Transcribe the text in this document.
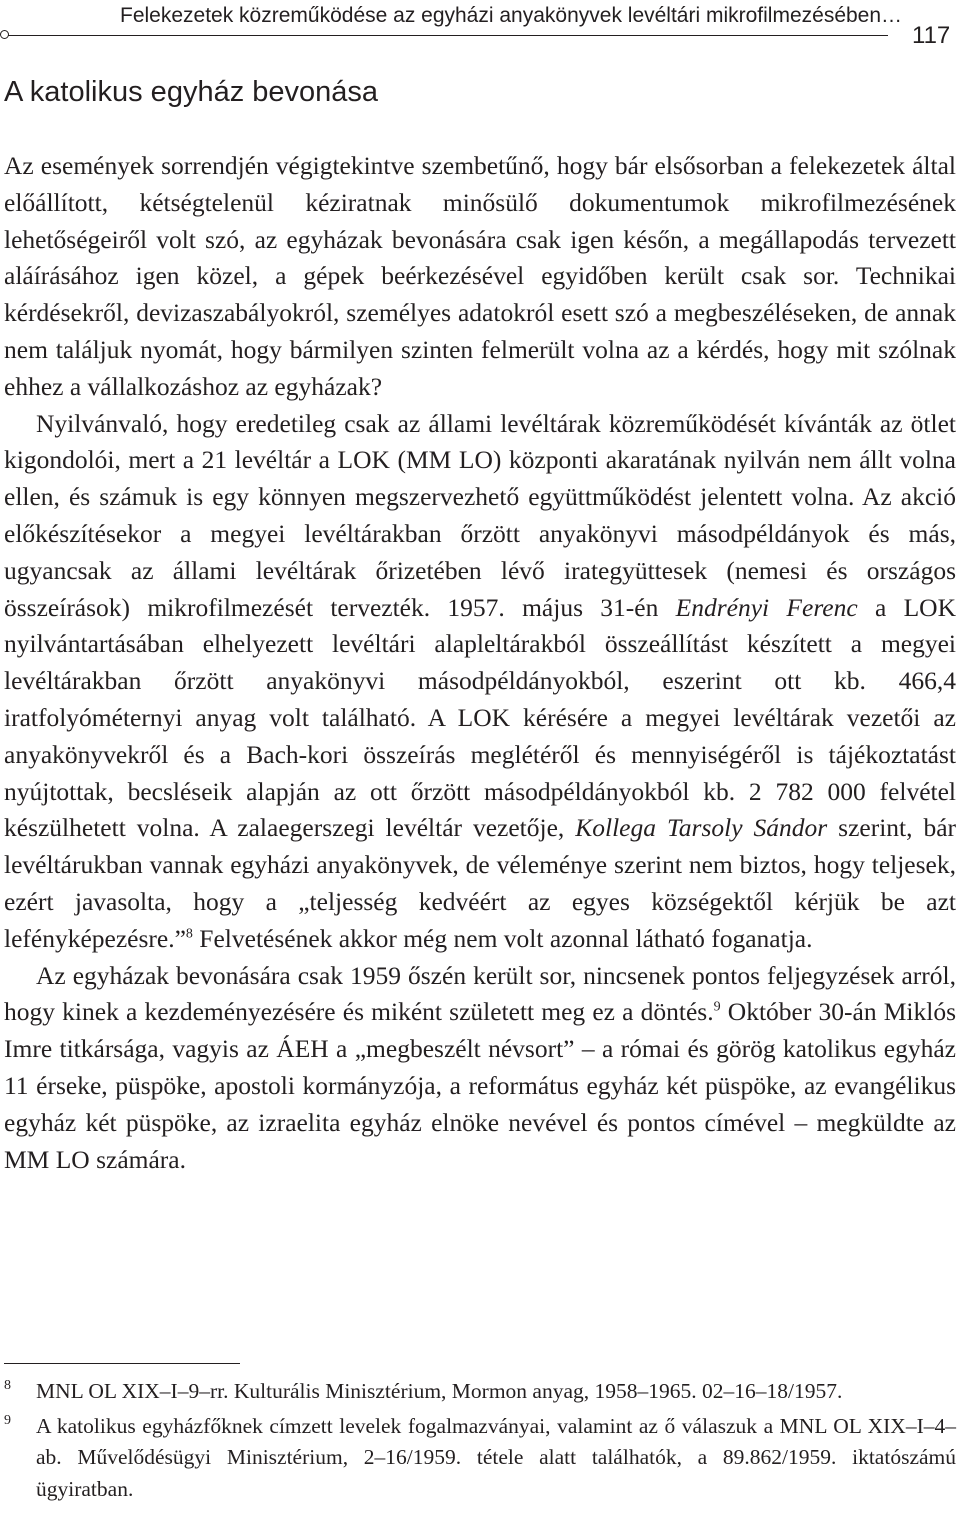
Felekezetek közreműködése az egyházi anyakönyvek levéltári mikrofilmezésében…
117
A katolikus egyház bevonása

Az események sorrendjén végigtekintve szembetűnő, hogy bár elsősorban a felekezetek által előállított, kétségtelenül kéziratnak minősülő dokumentumok mikrofilmezésének lehetőségeiről volt szó, az egyházak bevonására csak igen későn, a megállapodás tervezett aláírásához igen közel, a gépek beérkezésével egyidőben került csak sor. Technikai kérdésekről, devizaszabályokról, személyes adatokról esett szó a megbeszéléseken, de annak nem találjuk nyomát, hogy bármilyen szinten felmerült volna az a kérdés, hogy mit szólnak ehhez a vállalkozáshoz az egyházak?

Nyilvánvaló, hogy eredetileg csak az állami levéltárak közreműködését kívánták az ötlet kigondolói, mert a 21 levéltár a LOK (MM LO) központi akaratának nyilván nem állt volna ellen, és számuk is egy könnyen megszervezhető együttműködést jelentett volna. Az akció előkészítésekor a megyei levéltárakban őrzött anyakönyvi másodpéldányok és más, ugyancsak az állami levéltárak őrizetében lévő irategyüttesek (nemesi és országos összeírások) mikrofilmezését tervezték. 1957. május 31-én Endrényi Ferenc a LOK nyilvántartásában elhelyezett levéltári alapleltárakból összeállítást készített a megyei levéltárakban őrzött anyakönyvi másodpéldányokból, eszerint ott kb. 466,4 iratfolyóméternyi anyag volt található. A LOK kérésére a megyei levéltárak vezetői az anyakönyvekről és a Bach-kori összeírás meglétéről és mennyiségéről is tájékoztatást nyújtottak, becsléseik alapján az ott őrzött másodpéldányokból kb. 2 782 000 felvétel készülhetett volna. A zalaegerszegi levéltár vezetője, Kollega Tarsoly Sándor szerint, bár levéltárukban vannak egyházi anyakönyvek, de véleménye szerint nem biztos, hogy teljesek, ezért javasolta, hogy a „teljesség kedvéért az egyes községektől kérjük be azt lefényképezésre.”$^8$ Felvetésének akkor még nem volt azonnal látható foganatja.

Az egyházak bevonására csak 1959 őszén került sor, nincsenek pontos feljegyzések arról, hogy kinek a kezdeményezésére és miként született meg ez a döntés.$^9$ Október 30-án Miklós Imre titkársága, vagyis az ÁEH a „megbeszélt névsort” – a római és görög katolikus egyház 11 érseke, püspöke, apostoli kormányzója, a református egyház két püspöke, az evangélikus egyház két püspöke, az izraelita egyház elnöke nevével és pontos címével – megküldte az MM LO számára.

8 MNL OL XIX–I–9–rr. Kulturális Minisztérium, Mormon anyag, 1958–1965. 02–16–18/1957.
9 A katolikus egyházfőknek címzett levelek fogalmazványai, valamint az ő válaszuk a MNL OL XIX–I–4–ab. Művelődésügyi Minisztérium, 2–16/1959. tétele alatt találhatók, a 89.862/1959. iktatószámú ügyiratban.
